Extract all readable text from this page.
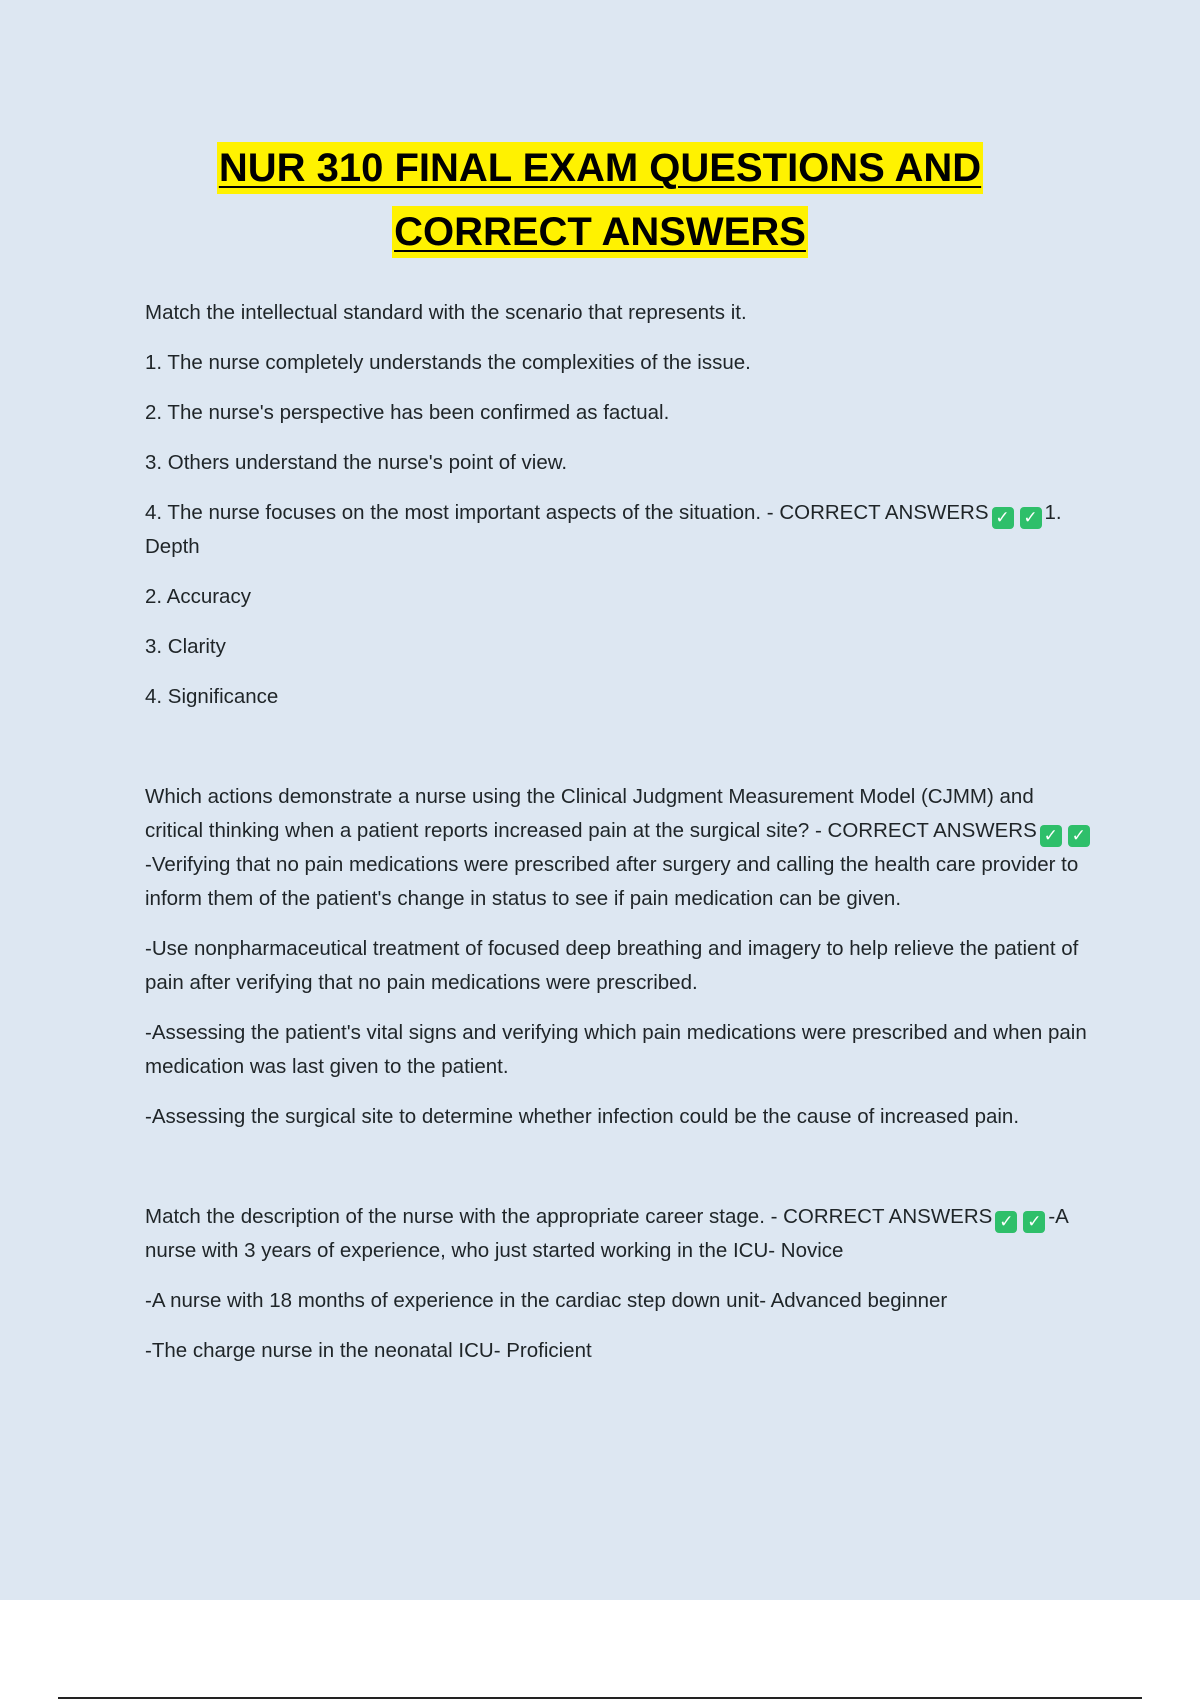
NUR 310 FINAL EXAM QUESTIONS AND
CORRECT ANSWERS

Match the intellectual standard with the scenario that represents it.

1. The nurse completely understands the complexities of the issue.

2. The nurse's perspective has been confirmed as factual.

3. Others understand the nurse's point of view.

4. The nurse focuses on the most important aspects of the situation. - CORRECT ANSWERS ✓ ✓ 1. Depth

2. Accuracy

3. Clarity

4. Significance

Which actions demonstrate a nurse using the Clinical Judgment Measurement Model (CJMM) and critical thinking when a patient reports increased pain at the surgical site? - CORRECT ANSWERS ✓ ✓-Verifying that no pain medications were prescribed after surgery and calling the health care provider to inform them of the patient's change in status to see if pain medication can be given.

-Use nonpharmaceutical treatment of focused deep breathing and imagery to help relieve the patient of pain after verifying that no pain medications were prescribed.

-Assessing the patient's vital signs and verifying which pain medications were prescribed and when pain medication was last given to the patient.

-Assessing the surgical site to determine whether infection could be the cause of increased pain.

Match the description of the nurse with the appropriate career stage. - CORRECT ANSWERS ✓ ✓ -A nurse with 3 years of experience, who just started working in the ICU- Novice

-A nurse with 18 months of experience in the cardiac step down unit- Advanced beginner

-The charge nurse in the neonatal ICU- Proficient
